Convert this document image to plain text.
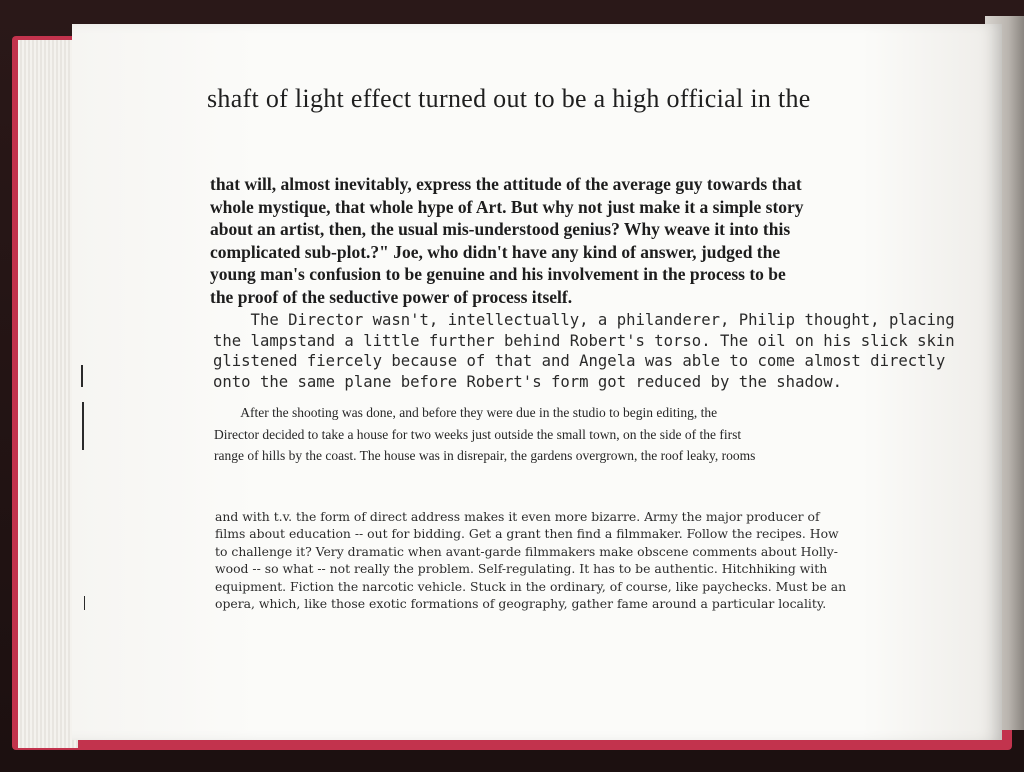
shaft of light effect turned out to be a high official in the

that will, almost inevitably, express the attitude of the average guy towards that
whole mystique, that whole hype of Art. But why not just make it a simple story
about an artist, then, the usual mis-understood genius? Why weave it into this
complicated sub-plot.?" Joe, who didn't have any kind of answer, judged the
young man's confusion to be genuine and his involvement in the process to be
the proof of the seductive power of process itself.
The Director wasn't, intellectually, a philanderer, Philip thought, placing
the lampstand a little further behind Robert's torso. The oil on his slick skin
glistened fiercely because of that and Angela was able to come almost directly
onto the same plane before Robert's form got reduced by the shadow.
After the shooting was done, and before they were due in the studio to begin editing, the
Director decided to take a house for two weeks just outside the small town, on the side of the first
range of hills by the coast. The house was in disrepair, the gardens overgrown, the roof leaky, rooms
and with t.v. the form of direct address makes it even more bizarre. Army the major producer of
films about education -- out for bidding. Get a grant then find a filmmaker. Follow the recipes. How
to challenge it? Very dramatic when avant-garde filmmakers make obscene comments about Holly-
wood -- so what -- not really the problem. Self-regulating. It has to be authentic. Hitchhiking with
equipment. Fiction the narcotic vehicle. Stuck in the ordinary, of course, like paychecks. Must be an
opera, which, like those exotic formations of geography, gather fame around a particular locality.
